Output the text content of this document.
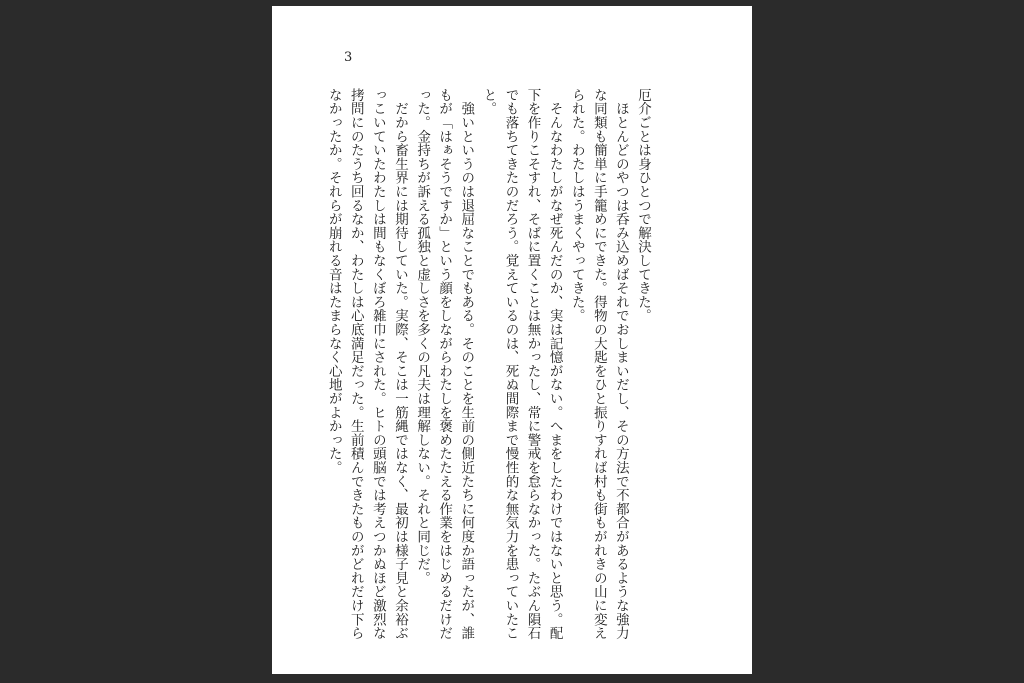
3

厄介ごとは身ひとつで解決してきた。

　ほとんどのやつは呑み込めばそれでおしまいだし、その方法で不都合があるような強力な同類も簡単に手籠めにできた。得物の大匙をひと振りすれば村も街もがれきの山に変えられた。わたしはうまくやってきた。

　そんなわたしがなぜ死んだのか、実は記憶がない。へまをしたわけではないと思う。配下を作りこそすれ、そばに置くことは無かったし、常に警戒を怠らなかった。たぶん隕石でも落ちてきたのだろう。覚えているのは、死ぬ間際まで慢性的な無気力を患っていたこと。

　強いというのは退屈なことでもある。そのことを生前の側近たちに何度か語ったが、誰もが「はぁそうですか」という顔をしながらわたしを褒めたたえる作業をはじめるだけだった。金持ちが訴える孤独と虚しさを多くの凡夫は理解しない。それと同じだ。

　だから畜生界には期待していた。実際、そこは一筋縄ではなく、最初は様子見と余裕ぶっこいていたわたしは間もなくぼろ雑巾にされた。ヒトの頭脳では考えつかぬほど激烈な拷問にのたうち回るなか、わたしは心底満足だった。生前積んできたものがどれだけ下らなかったか。それらが崩れる音はたまらなく心地がよかった。
